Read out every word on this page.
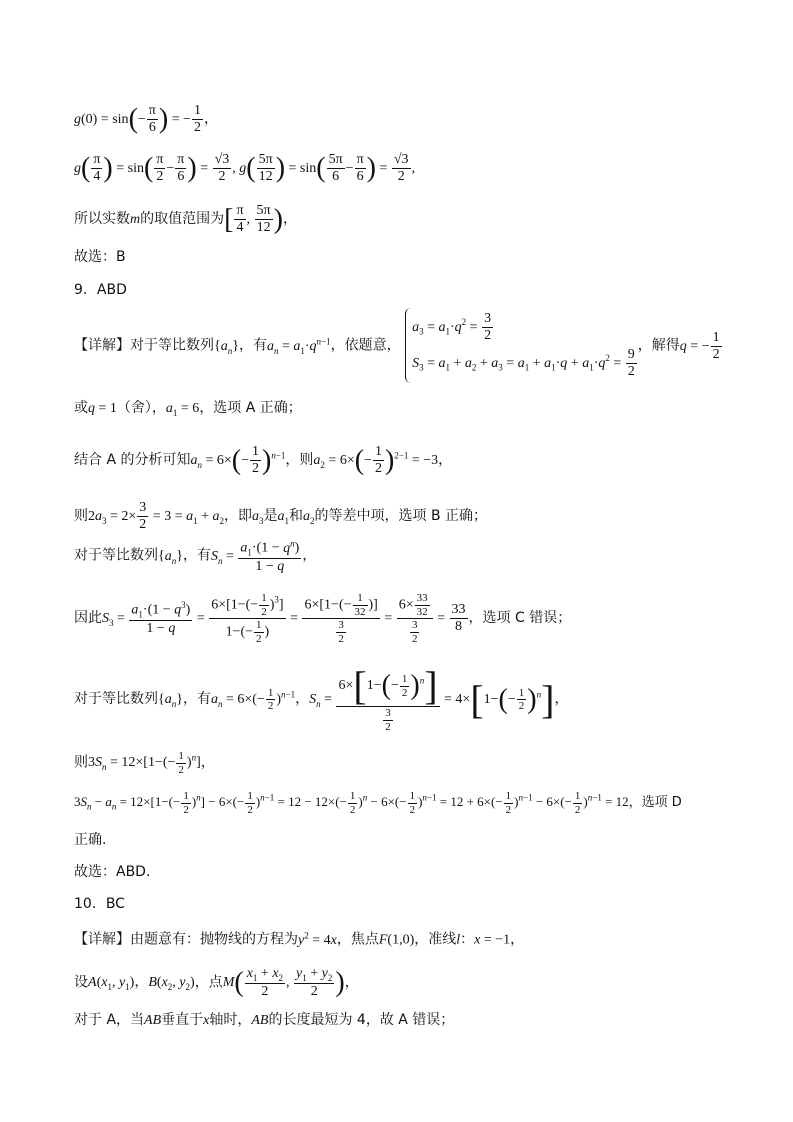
$g(0) = \sin(- \frac{\pi}{6}$ ) = − $\frac{1}{2}$ ，
$g( \frac{\pi}{4}$ ) = $\sin( \frac{\pi}{2} - \frac{\pi}{6}$ ) = $\frac{√3}{2}$ , $g( \frac{5\pi}{12}$ ) = $\sin( \frac{5\pi}{6} - \frac{\pi}{6}$ ) = $\frac{√3}{2}$ ,
所以实数m的取值范围为[ $\frac{\pi}{4}$ , $\frac{5\pi}{12}$ )，
故选：B
9．ABD
【详解】对于等比数列$\{a_n\}$，有$a_n = a_1\cdot q^{n-1}$，依题意，
$a_3 = a_1\cdot q^2 = \frac{3}{2}$
$S_3 = a_1 + a_2 + a_3 = a_1 + a_1\cdot q + a_1\cdot q^2 = \frac{9}{2}$
，解得q = − $\frac{1}{2}$
或q = 1（舍），$a_1 = 6$，选项 A 正确；
结合 A 的分析可知$a_n = 6\times(- \frac{1}{2} )^{n-1}$，则$a_2 = 6\times(- \frac{1}{2} )^{2-1} = -3$，
则$2a_3 = 2\times \frac{3}{2} = 3 = a_1 + a_2$，即$a_3$是$a_1$和$a_2$的等差中项，选项 B 正确；
对于等比数列$\{a_n\}$，有$S_n = \frac{a_1\cdot(1 - q^n)}{1 - q}$ ，
因此$S_3 = \frac{a_1\cdot(1 - q^3)}{1 - q} = \frac{6\times[1-(- \frac{1}{2} )^3]}{1-(- \frac{1}{2} )} = \frac{6\times[1-(- \frac{1}{32} )]}{\frac{3}{2}} = \frac{6\times \frac{33}{32}}{\frac{3}{2}} = \frac{33}{8}$ ，选项 C 错误；
对于等比数列$\{a_n\}$，有$a_n = 6\times(- \frac{1}{2} )^{n-1}$，$S_n = \frac{6\times[1-(- \frac{1}{2} )^n]}{\frac{3}{2}} = 4\times[1-(- \frac{1}{2} )^n]$，
则$3S_n = 12\times[1-(- \frac{1}{2} )^n]$，
$3S_n - a_n = 12\times[1-(- \frac{1}{2} )^n] - 6\times(- \frac{1}{2} )^{n-1} = 12 - 12\times(- \frac{1}{2} )^n - 6\times(- \frac{1}{2} )^{n-1} = 12 + 6\times(- \frac{1}{2} )^{n-1} - 6\times(- \frac{1}{2} )^{n-1} = 12$，选项 D
正确.
故选：ABD.
10．BC
【详解】由题意有：抛物线的方程为$y^2 = 4x$，焦点F(1,0)，准线l：x = −1，
设$A(x_1$, $y_1$)，$B(x_2$, $y_2$)，点$M( \frac{x_1 + x_2}{2}$ , $\frac{y_1 + y_2}{2}$ )，
对于 A，当AB垂直于x轴时，AB的长度最短为 4，故 A 错误；
